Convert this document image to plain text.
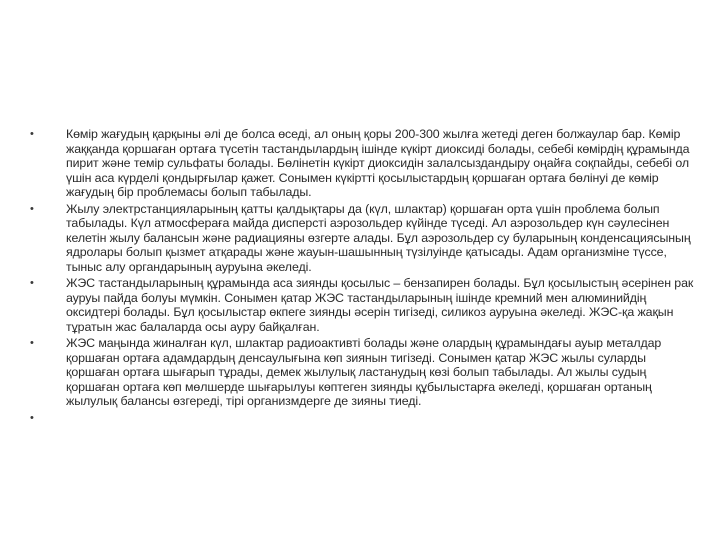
•	Көмір жағудың қарқыны әлі де болса өседі, ал оның қоры 200-300 жылға жетеді деген болжаулар бар. Көмір жаққанда қоршаған ортаға түсетін тастандылардың ішінде күкірт диоксиді болады, себебі көмірдің құрамында пирит және темір сульфаты болады. Бөлінетін күкірт диоксидін залалсыздандыру оңайға соқпайды, себебі ол үшін аса күрделі қондырғылар қажет. Сонымен күкіртті қосылыстардың қоршаған ортаға бөлінуі де көмір жағудың бір проблемасы болып табылады.
•	Жылу электрстанцияларының қатты қалдықтары да (күл, шлактар) қоршаған орта үшін проблема болып табылады. Күл атмосфераға майда дисперсті аэрозольдер күйінде түседі. Ал аэрозольдер күн сәулесінен келетін жылу балансын және радиацияны өзгерте алады. Бұл аэрозольдер су буларының конденсациясының ядролары болып қызмет атқарады және жауын-шашынның түзілуінде қатысады. Адам организміне түссе, тыныс алу органдарының ауруына әкеледі.
•	ЖЭС тастандыларының құрамында аса зиянды қосылыс – бензапирен болады. Бұл қосылыстың әсерінен рак ауруы пайда болуы мүмкін. Сонымен қатар ЖЭС тастандыларының ішінде кремний мен алюминийдің оксидтері болады. Бұл қосылыстар өкпеге зиянды әсерін тигізеді, силикоз ауруына әкеледі. ЖЭС-қа жақын тұратын жас балаларда осы ауру байқалған.
•	ЖЭС маңында жиналған күл, шлактар радиоактивті болады және олардың құрамындағы ауыр металдар қоршаған ортаға адамдардың денсаулығына көп зиянын тигізеді. Сонымен қатар ЖЭС жылы суларды қоршаған ортаға шығарып тұрады, демек жылулық ластанудың көзі болып табылады. Ал жылы судың қоршаған ортаға көп мөлшерде шығарылуы көптеген зиянды құбылыстарға әкеледі, қоршаған ортаның жылулық балансы өзгереді, тірі организмдерге де зияны тиеді.
•
